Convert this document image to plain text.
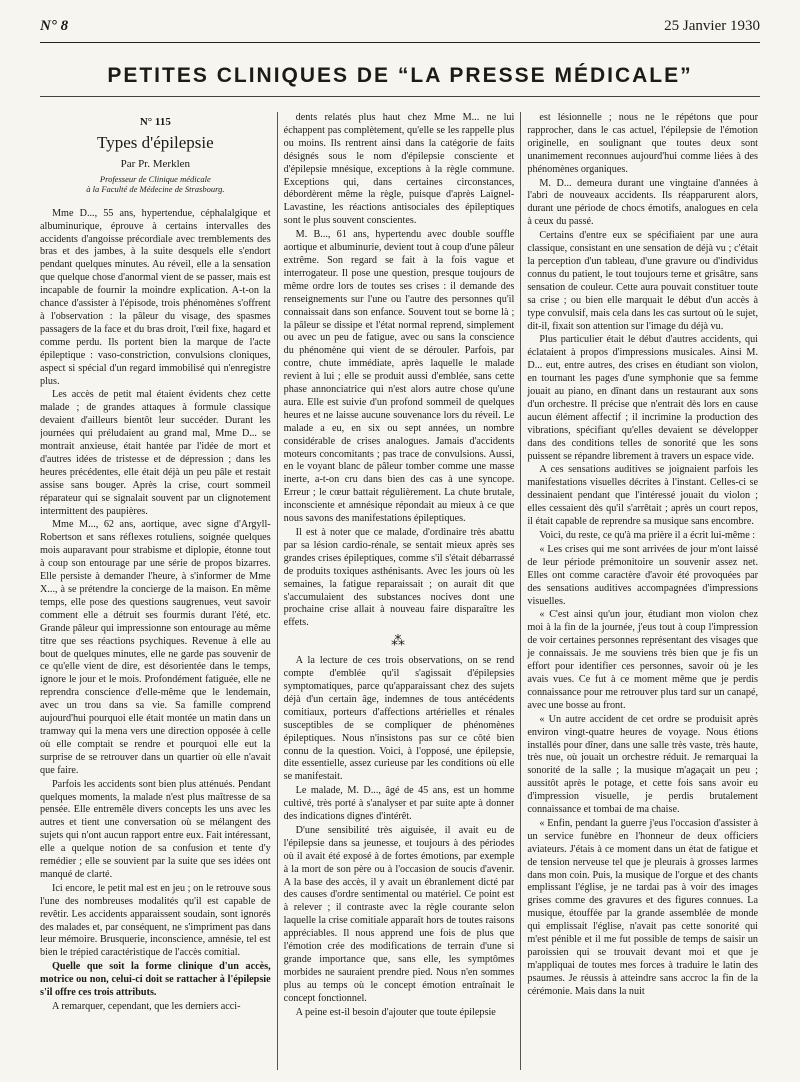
N° 8	25 Janvier 1930
PETITES CLINIQUES DE “LA PRESSE MÉDICALE”
N° 115
Types d'épilepsie
Par Pr. Merklen
Professeur de Clinique médicale
à la Faculté de Médecine de Strasbourg.

Mme D..., 55 ans, hypertendue, céphalalgique et albuminurique, éprouve à certains intervalles des accidents d'angoisse précordiale avec tremblements des bras et des jambes, à la suite desquels elle s'endort pendant quelques minutes. Au réveil, elle a la sensation que quelque chose d'anormal vient de se passer, mais est incapable de fournir la moindre explication. A-t-on la chance d'assister à l'épisode, trois phénomènes s'offrent à l'observation : la pâleur du visage, des spasmes passagers de la face et du bras droit, l'œil fixe, hagard et comme perdu. Ils portent bien la marque de l'acte épileptique : vaso-constriction, convulsions cloniques, aspect si spécial d'un regard immobilisé qui n'enregistre plus.

Les accès de petit mal étaient évidents chez cette malade ; de grandes attaques à formule classique devaient d'ailleurs bientôt leur succéder. Durant les journées qui préludaient au grand mal, Mme D... se montrait anxieuse, était hantée par l'idée de mort et d'autres idées de tristesse et de dépression ; dans les heures précédentes, elle était déjà un peu pâle et restait assise sans bouger. Après la crise, court sommeil réparateur qui se signalait souvent par un clignotement intermittent des paupières.

Mme M..., 62 ans, aortique, avec signe d'Argyll-Robertson et sans réflexes rotuliens, soignée quelques mois auparavant pour strabisme et diplopie, étonne tout à coup son entourage par une série de propos bizarres. Elle persiste à demander l'heure, à s'informer de Mme X..., à se prétendre la concierge de la maison. En même temps, elle pose des questions saugrenues, veut savoir comment elle a détruit ses fourmis durant l'été, etc. Grande pâleur qui impressionne son entourage au même titre que ses réactions psychiques. Revenue à elle au bout de quelques minutes, elle ne garde pas souvenir de ce qu'elle vient de dire, est désorientée dans le temps, ignore le jour et le mois. Profondément fatiguée, elle ne reprendra conscience d'elle-même que le lendemain, avec un trou dans sa vie. Sa famille comprend aujourd'hui pourquoi elle était montée un matin dans un tramway qui la mena vers une direction opposée à celle où elle comptait se rendre et pourquoi elle eut la surprise de se retrouver dans un quartier où elle n'avait que faire.

Parfois les accidents sont bien plus atténués. Pendant quelques moments, la malade n'est plus maîtresse de sa pensée. Elle entremêle divers concepts les uns avec les autres et tient une conversation où se mélangent des sujets qui n'ont aucun rapport entre eux. Fait intéressant, elle a quelque notion de sa confusion et tente d'y remédier ; elle se souvient par la suite que ses idées ont manqué de clarté.

Ici encore, le petit mal est en jeu ; on le retrouve sous l'une des nombreuses modalités qu'il est capable de revêtir. Les accidents apparaissent soudain, sont ignorés des malades et, par conséquent, ne s'impriment pas dans leur mémoire. Brusquerie, inconscience, amnésie, tel est bien le trépied caractéristique de l'accès comitial.

Quelle que soit la forme clinique d'un accès, motrice ou non, celui-ci doit se rattacher à l'épilepsie s'il offre ces trois attributs.

A remarquer, cependant, que les derniers acci-

dents relatés plus haut chez Mme M... ne lui échappent pas complètement, qu'elle se les rappelle plus ou moins. Ils rentrent ainsi dans la catégorie de faits désignés sous le nom d'épilepsie consciente et d'épilepsie mnésique, exceptions à la règle commune. Exceptions qui, dans certaines circonstances, débordèrent même la règle, puisque d'après Laignel-Lavastine, les réactions antisociales des épileptiques sont le plus souvent conscientes.

M. B..., 61 ans, hypertendu avec double souffle aortique et albuminurie, devient tout à coup d'une pâleur extrême. Son regard se fait à la fois vague et interrogateur. Il pose une question, presque toujours de même ordre lors de toutes ses crises : il demande des renseignements sur l'une ou l'autre des personnes qu'il connaissait dans son enfance. Souvent tout se borne là ; la pâleur se dissipe et l'état normal reprend, simplement ou avec un peu de fatigue, avec ou sans la conscience du phénomène qui vient de se dérouler. Parfois, par contre, chute immédiate, après laquelle le malade revient à lui ; elle se produit aussi d'emblée, sans cette phase annonciatrice qui n'est alors autre chose qu'une aura. Elle est suivie d'un profond sommeil de quelques heures et ne laisse aucune souvenance lors du réveil. Le malade a eu, en six ou sept années, un nombre considérable de crises analogues. Jamais d'accidents moteurs concomitants ; pas trace de convulsions. Aussi, en le voyant blanc de pâleur tomber comme une masse inerte, a-t-on cru dans bien des cas à une syncope. Erreur ; le cœur battait régulièrement. La chute brutale, inconsciente et amnésique répondait au mieux à ce que nous savons des manifestations épileptiques.

Il est à noter que ce malade, d'ordinaire très abattu par sa lésion cardio-rénale, se sentait mieux après ses grandes crises épileptiques, comme s'il s'était débarrassé de produits toxiques asthénisants. Avec les jours où les semaines, la fatigue reparaissait ; on aurait dit que s'accumulaient des substances nocives dont une prochaine crise allait à nouveau faire disparaître les effets.

⁂

A la lecture de ces trois observations, on se rend compte d'emblée qu'il s'agissait d'épilepsies symptomatiques, parce qu'apparaissant chez des sujets déjà d'un certain âge, indemnes de tous antécédents comitiaux, porteurs d'affections artérielles et rénales susceptibles de se compliquer de phénomènes épileptiques. Nous n'insistons pas sur ce côté bien connu de la question. Voici, à l'opposé, une épilepsie, dite essentielle, assez curieuse par les conditions où elle se manifestait.

Le malade, M. D..., âgé de 45 ans, est un homme cultivé, très porté à s'analyser et par suite apte à donner des indications dignes d'intérêt.

D'une sensibilité très aiguisée, il avait eu de l'épilepsie dans sa jeunesse, et toujours à des périodes où il avait été exposé à de fortes émotions, par exemple à la mort de son père ou à l'occasion de soucis d'avenir. A la base des accès, il y avait un ébranlement dicté par des causes d'ordre sentimental ou matériel. Ce point est à relever ; il contraste avec la règle courante selon laquelle la crise comitiale apparaît hors de toutes raisons appréciables. Il nous apprend une fois de plus que l'émotion crée des modifications de terrain d'une si grande importance que, sans elle, les symptômes morbides ne sauraient prendre pied. Nous n'en sommes plus au temps où le concept émotion entraînait le concept fonctionnel.

A peine est-il besoin d'ajouter que toute épilepsie

est lésionnelle ; nous ne le répétons que pour rapprocher, dans le cas actuel, l'épilepsie de l'émotion originelle, en soulignant que toutes deux sont unanimement reconnues aujourd'hui comme liées à des phénomènes organiques.

M. D... demeura durant une vingtaine d'années à l'abri de nouveaux accidents. Ils réapparurent alors, durant une période de chocs émotifs, analogues en cela à ceux du passé.

Certains d'entre eux se spécifiaient par une aura classique, consistant en une sensation de déjà vu ; c'était la perception d'un tableau, d'une gravure ou d'individus connus du patient, le tout toujours terne et grisâtre, sans sensation de couleur. Cette aura pouvait constituer toute sa crise ; ou bien elle marquait le début d'un accès à type convulsif, mais cela dans les cas surtout où le sujet, dit-il, fixait son attention sur l'image du déjà vu.

Plus particulier était le début d'autres accidents, qui éclataient à propos d'impressions musicales. Ainsi M. D... eut, entre autres, des crises en étudiant son violon, en tournant les pages d'une symphonie que sa femme jouait au piano, en dînant dans un restaurant aux sons d'un orchestre. Il précise que n'entrait dès lors en cause aucun élément affectif ; il incrimine la production des vibrations, spécifiant qu'elles devaient se développer dans des conditions telles de sonorité que les sons puissent se répandre librement à travers un espace vide.

A ces sensations auditives se joignaient parfois les manifestations visuelles décrites à l'instant. Celles-ci se dessinaient pendant que l'intéressé jouait du violon ; elles cessaient dès qu'il s'arrêtait ; après un court repos, il était capable de reprendre sa musique sans encombre.

Voici, du reste, ce qu'à ma prière il a écrit lui-même :

« Les crises qui me sont arrivées de jour m'ont laissé de leur période prémonitoire un souvenir assez net. Elles ont comme caractère d'avoir été provoquées par des sensations auditives accompagnées d'impressions visuelles.

« C'est ainsi qu'un jour, étudiant mon violon chez moi à la fin de la journée, j'eus tout à coup l'impression de voir certaines personnes représentant des visages que je connaissais. Je me souviens très bien que je fis un effort pour identifier ces personnes, savoir où je les avais vues. Ce fut à ce moment même que je perdis connaissance pour me retrouver plus tard sur un canapé, avec une bosse au front.

« Un autre accident de cet ordre se produisit après environ vingt-quatre heures de voyage. Nous étions installés pour dîner, dans une salle très vaste, très haute, très nue, où jouait un orchestre réduit. Je remarquai la sonorité de la salle ; la musique m'agaçait un peu ; aussitôt après le potage, et cette fois sans avoir eu d'impression visuelle, je perdis brutalement connaissance et tombai de ma chaise.

« Enfin, pendant la guerre j'eus l'occasion d'assister à un service funèbre en l'honneur de deux officiers aviateurs. J'étais à ce moment dans un état de fatigue et de tension nerveuse tel que je pleurais à grosses larmes dans mon coin. Puis, la musique de l'orgue et des chants emplissant l'église, je ne tardai pas à voir des images grises comme des gravures et des figures connues. La musique, étouffée par la grande assemblée de monde qui emplissait l'église, n'avait pas cette sonorité qui m'est pénible et il me fut possible de temps de saisir un paroissien qui se trouvait devant moi et que je m'appliquai de toutes mes forces à traduire le latin des psaumes. Je réussis à atteindre sans accroc la fin de la cérémonie. Mais dans la nuit
